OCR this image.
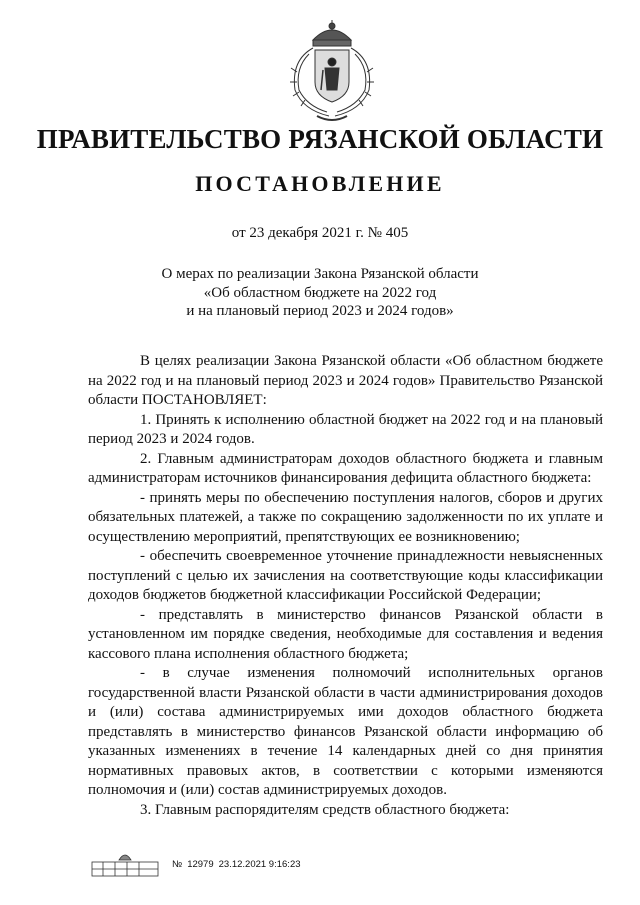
ПРАВИТЕЛЬСТВО РЯЗАНСКОЙ ОБЛАСТИ
ПОСТАНОВЛЕНИЕ
от 23 декабря 2021 г. № 405
О мерах по реализации Закона Рязанской области
«Об областном бюджете на 2022 год
и на плановый период 2023 и 2024 годов»

В целях реализации Закона Рязанской области «Об областном бюджете на 2022 год и на плановый период 2023 и 2024 годов» Правительство Рязанской области ПОСТАНОВЛЯЕТ:

1. Принять к исполнению областной бюджет на 2022 год и на плановый период 2023 и 2024 годов.

2. Главным администраторам доходов областного бюджета и главным администраторам источников финансирования дефицита областного бюджета:

- принять меры по обеспечению поступления налогов, сборов и других обязательных платежей, а также по сокращению задолженности по их уплате и осуществлению мероприятий, препятствующих ее возникновению;

- обеспечить своевременное уточнение принадлежности невыясненных поступлений с целью их зачисления на соответствующие коды классификации доходов бюджетов бюджетной классификации Российской Федерации;

- представлять в министерство финансов Рязанской области в установленном им порядке сведения, необходимые для составления и ведения кассового плана исполнения областного бюджета;

- в случае изменения полномочий исполнительных органов государственной власти Рязанской области в части администрирования доходов и (или) состава администрируемых ими доходов областного бюджета представлять в министерство финансов Рязанской области информацию об указанных изменениях в течение 14 календарных дней со дня принятия нормативных правовых актов, в соответствии с которыми изменяются полномочия и (или) состав администрируемых доходов.

3. Главным распорядителям средств областного бюджета:

№ 12979 23.12.2021 9:16:23
